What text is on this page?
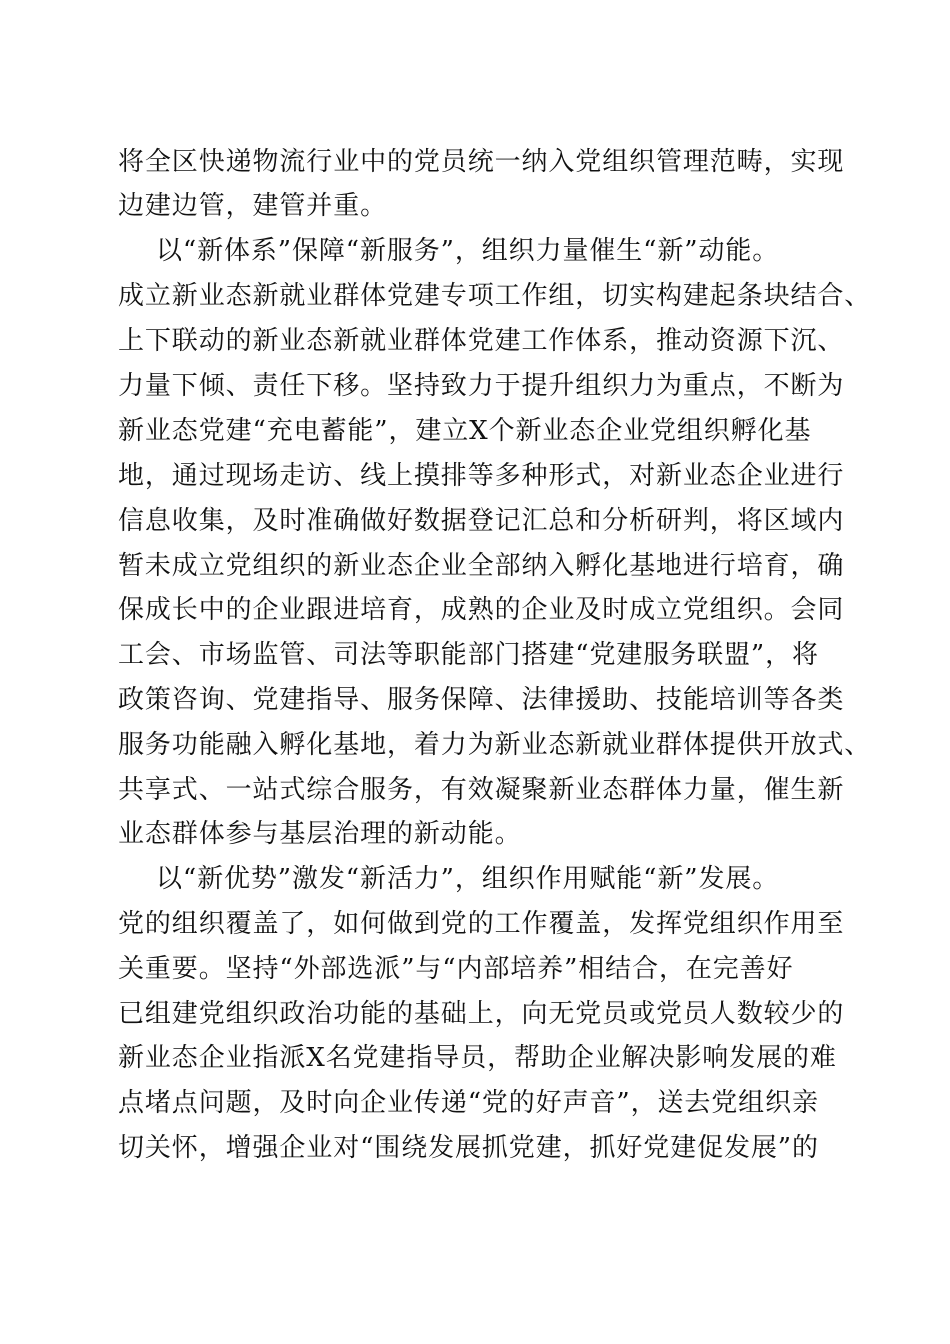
将全区快递物流行业中的党员统一纳入党组织管理范畴，实现
边建边管，建管并重。
以“新体系”保障“新服务”，组织力量催生“新”动能。
成立新业态新就业群体党建专项工作组，切实构建起条块结合、
上下联动的新业态新就业群体党建工作体系，推动资源下沉、
力量下倾、责任下移。坚持致力于提升组织力为重点，不断为
新业态党建“充电蓄能”，建立X个新业态企业党组织孵化基
地，通过现场走访、线上摸排等多种形式，对新业态企业进行
信息收集，及时准确做好数据登记汇总和分析研判，将区域内
暂未成立党组织的新业态企业全部纳入孵化基地进行培育，确
保成长中的企业跟进培育，成熟的企业及时成立党组织。会同
工会、市场监管、司法等职能部门搭建“党建服务联盟”，将
政策咨询、党建指导、服务保障、法律援助、技能培训等各类
服务功能融入孵化基地，着力为新业态新就业群体提供开放式、
共享式、一站式综合服务，有效凝聚新业态群体力量，催生新
业态群体参与基层治理的新动能。
以“新优势”激发“新活力”，组织作用赋能“新”发展。
党的组织覆盖了，如何做到党的工作覆盖，发挥党组织作用至
关重要。坚持“外部选派”与“内部培养”相结合，在完善好
已组建党组织政治功能的基础上，向无党员或党员人数较少的
新业态企业指派X名党建指导员，帮助企业解决影响发展的难
点堵点问题，及时向企业传递“党的好声音”，送去党组织亲
切关怀，增强企业对“围绕发展抓党建，抓好党建促发展”的
